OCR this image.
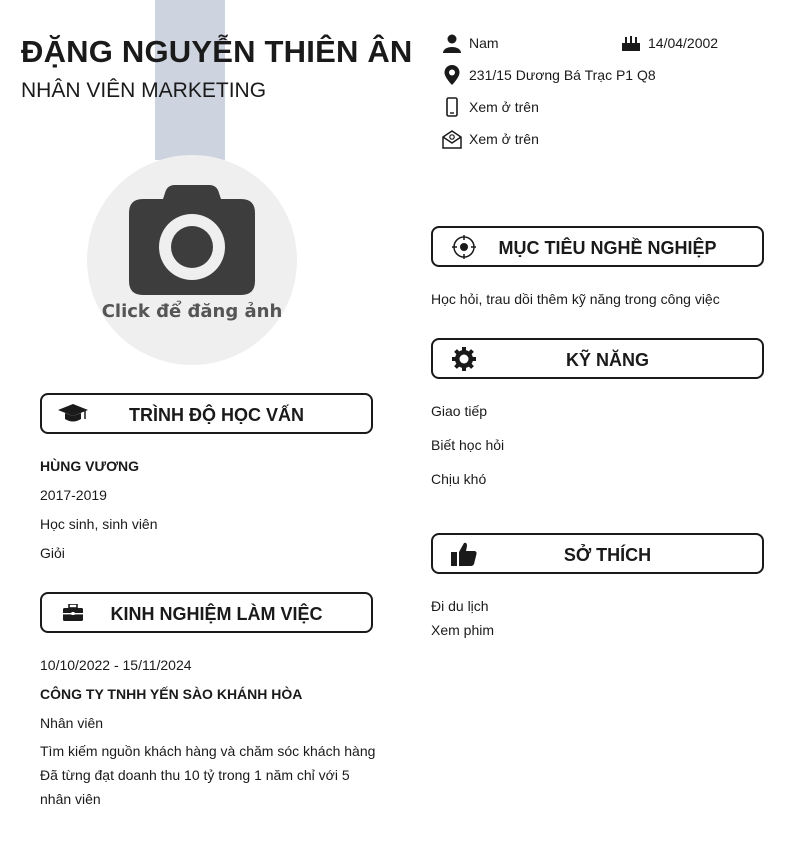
ĐẶNG NGUYỄN THIÊN ÂN
NHÂN VIÊN MARKETING
Nam	14/04/2002
231/15 Dương Bá Trạc P1 Q8
Xem ở trên
Xem ở trên
Click để đăng ảnh
TRÌNH ĐỘ HỌC VẤN
HÙNG VƯƠNG
2017-2019
Học sinh, sinh viên
Giỏi
KINH NGHIỆM LÀM VIỆC
10/10/2022 - 15/11/2024
CÔNG TY TNHH YẾN SÀO KHÁNH HÒA
Nhân viên
Tìm kiếm nguồn khách hàng và chăm sóc khách hàng
Đã từng đạt doanh thu 10 tỷ trong 1 năm chỉ với 5 nhân viên
MỤC TIÊU NGHỀ NGHIỆP
Học hỏi, trau dồi thêm kỹ năng trong công việc
KỸ NĂNG
Giao tiếp
Biết học hỏi
Chịu khó
SỞ THÍCH
Đi du lịch
Xem phim
